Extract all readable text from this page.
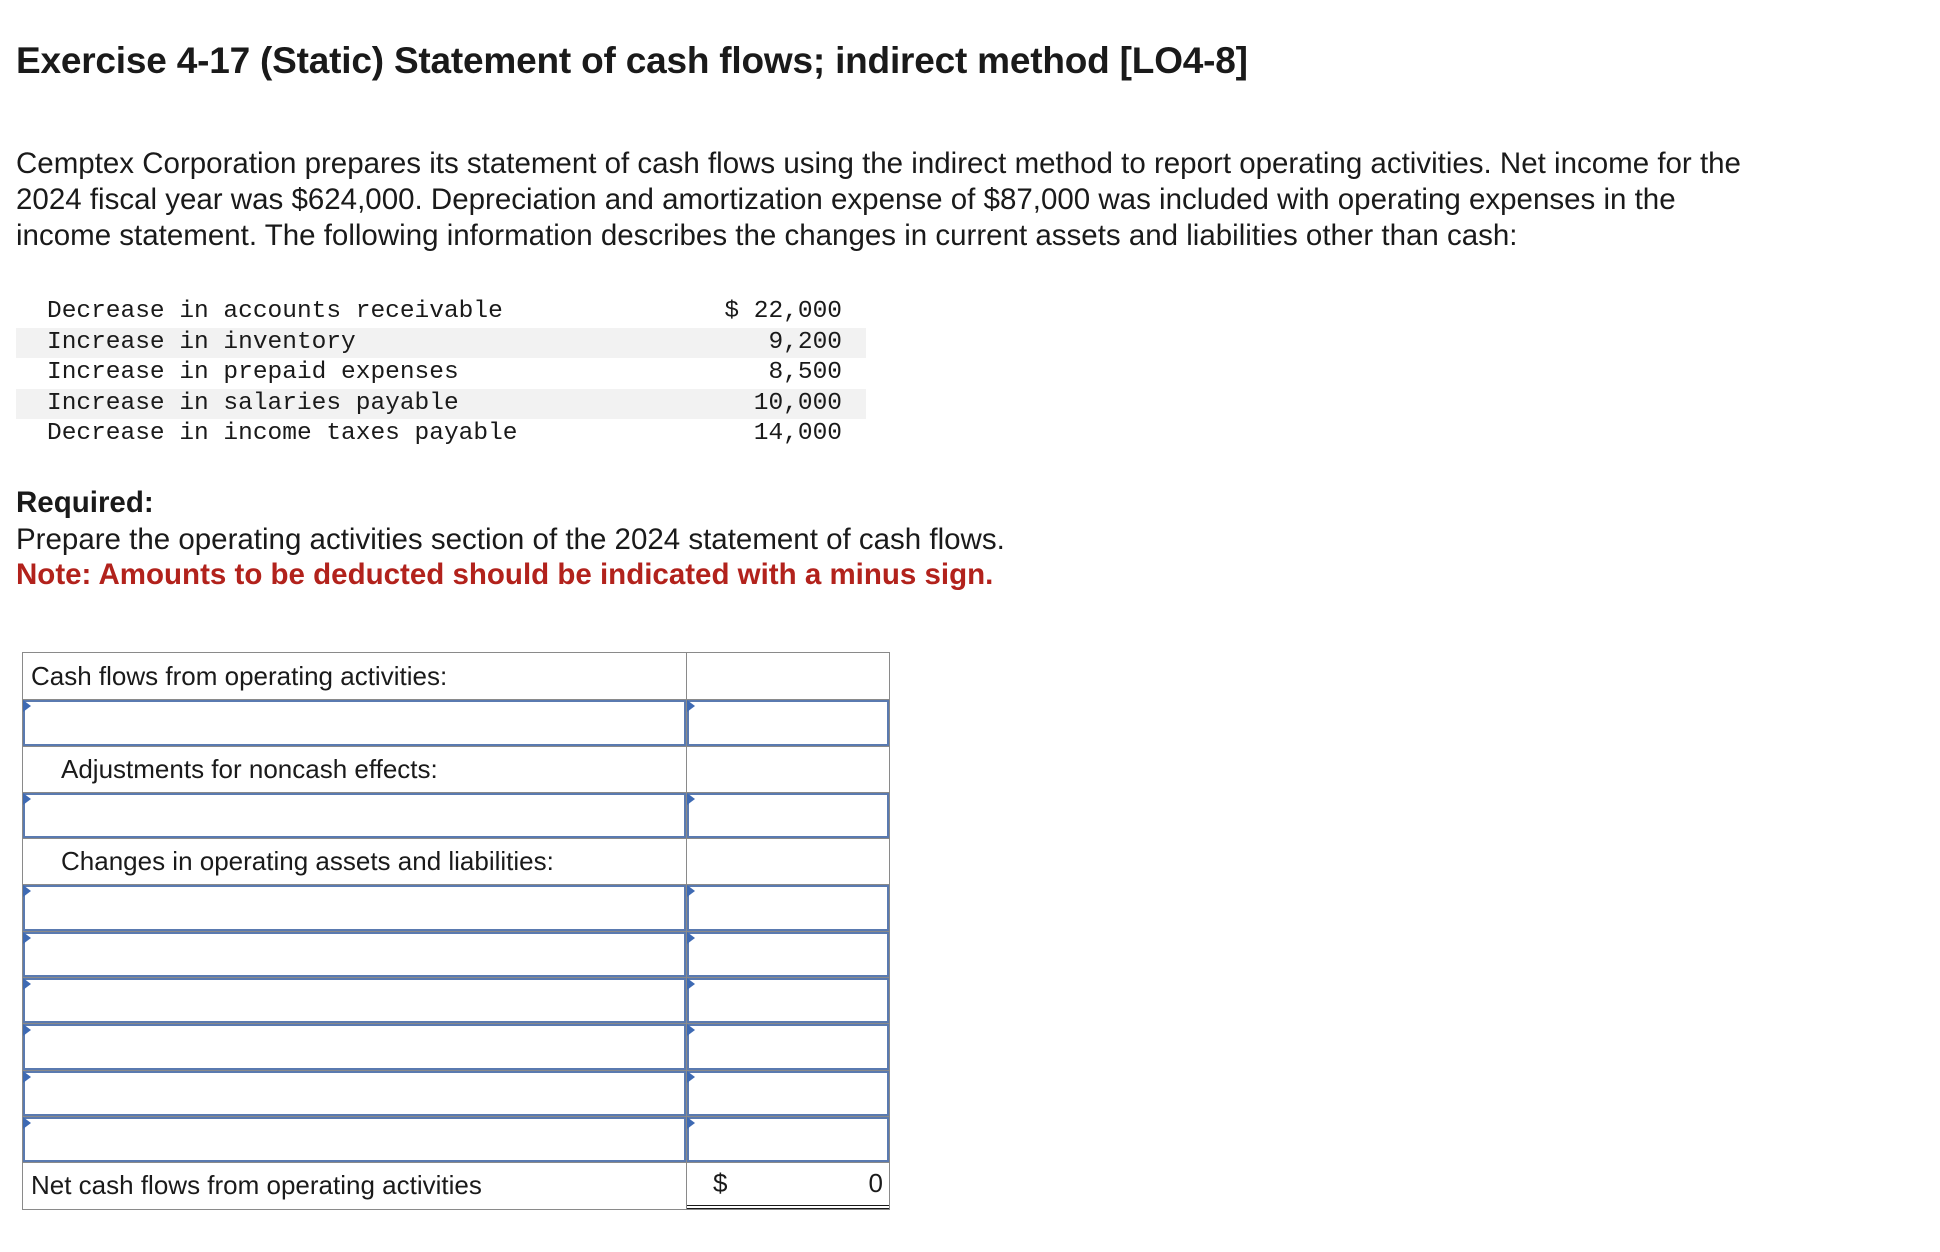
Exercise 4-17 (Static) Statement of cash flows; indirect method [LO4-8]
Cemptex Corporation prepares its statement of cash flows using the indirect method to report operating activities. Net income for the
2024 fiscal year was $624,000. Depreciation and amortization expense of $87,000 was included with operating expenses in the
income statement. The following information describes the changes in current assets and liabilities other than cash:
Decrease in accounts receivable	$ 22,000
Increase in inventory	9,200
Increase in prepaid expenses	8,500
Increase in salaries payable	10,000
Decrease in income taxes payable	14,000
Required:
Prepare the operating activities section of the 2024 statement of cash flows.
Note: Amounts to be deducted should be indicated with a minus sign.
Cash flows from operating activities:
Adjustments for noncash effects:
Changes in operating assets and liabilities:
Net cash flows from operating activities	$	0
